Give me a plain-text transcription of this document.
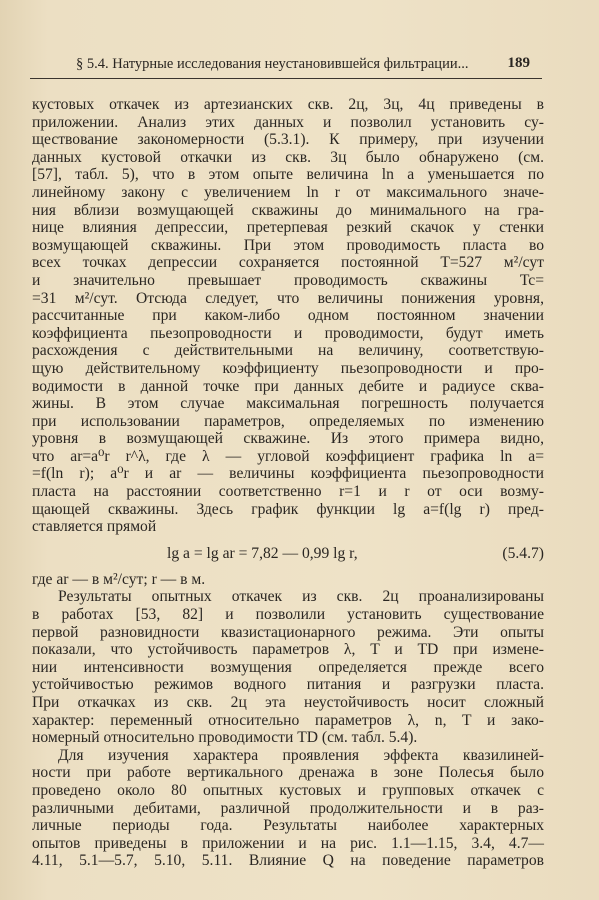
§ 5.4. Натурные исследования неустановившейся фильтрации...	189
кустовых откачек из артезианских скв. 2ц, 3ц, 4ц приведены в
приложении. Анализ этих данных и позволил установить су-
ществование закономерности (5.3.1). К примеру, при изучении
данных кустовой откачки из скв. 3ц было обнаружено (см.
[57], табл. 5), что в этом опыте величина ln a уменьшается по
линейному закону с увеличением ln r от максимального значе-
ния вблизи возмущающей скважины до минимального на гра-
нице влияния депрессии, претерпевая резкий скачок у стенки
возмущающей скважины. При этом проводимость пласта во
всех точках депрессии сохраняется постоянной T=527 м²/сут
и значительно превышает проводимость скважины Tc=
=31 м²/сут. Отсюда следует, что величины понижения уровня,
рассчитанные при каком-либо одном постоянном значении
коэффициента пьезопроводности и проводимости, будут иметь
расхождения с действительными на величину, соответствую-
щую действительному коэффициенту пьезопроводности и про-
водимости в данной точке при данных дебите и радиусе сква-
жины. В этом случае максимальная погрешность получается
при использовании параметров, определяемых по изменению
уровня в возмущающей скважине. Из этого примера видно,
что ar=a⁰r r^λ, где λ — угловой коэффициент графика ln a=
=f(ln r); a⁰r и ar — величины коэффициента пьезопроводности
пласта на расстоянии соответственно r=1 и r от оси возму-
щающей скважины. Здесь график функции lg a=f(lg r) пред-
ставляется прямой
lg a = lg ar = 7,82 — 0,99 lg r,	(5.4.7)
где ar — в м²/сут; r — в м.
Результаты опытных откачек из скв. 2ц проанализированы
в работах [53, 82] и позволили установить существование
первой разновидности квазистационарного режима. Эти опыты
показали, что устойчивость параметров λ, T и TD при измене-
нии интенсивности возмущения определяется прежде всего
устойчивостью режимов водного питания и разгрузки пласта.
При откачках из скв. 2ц эта неустойчивость носит сложный
характер: переменный относительно параметров λ, n, T и зако-
номерный относительно проводимости TD (см. табл. 5.4).
Для изучения характера проявления эффекта квазилиней-
ности при работе вертикального дренажа в зоне Полесья было
проведено около 80 опытных кустовых и групповых откачек с
различными дебитами, различной продолжительности и в раз-
личные периоды года. Результаты наиболее характерных
опытов приведены в приложении и на рис. 1.1—1.15, 3.4, 4.7—
4.11, 5.1—5.7, 5.10, 5.11. Влияние Q на поведение параметров
